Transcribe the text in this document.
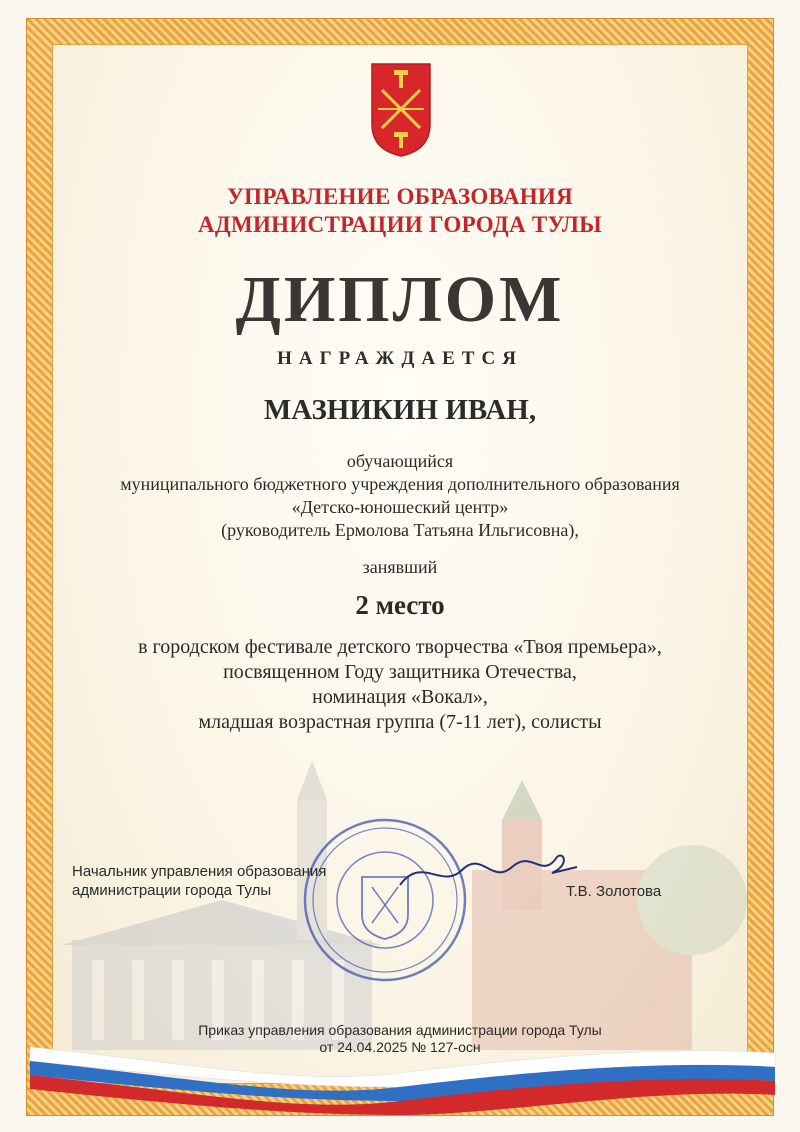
УПРАВЛЕНИЕ ОБРАЗОВАНИЯ
АДМИНИСТРАЦИИ ГОРОДА ТУЛЫ
ДИПЛОМ
НАГРАЖДАЕТСЯ
МАЗНИКИН ИВАН,
обучающийся
муниципального бюджетного учреждения дополнительного образования
«Детско-юношеский центр»
(руководитель Ермолова Татьяна Ильгисовна),
занявший
2 место
в городском фестивале детского творчества «Твоя премьера»,
посвященном Году защитника Отечества,
номинация «Вокал»,
младшая возрастная группа (7-11 лет), солисты
Начальник управления образования
администрации города Тулы	Т.В. Золотова
Приказ управления образования администрации города Тулы
от 24.04.2025 № 127-осн
